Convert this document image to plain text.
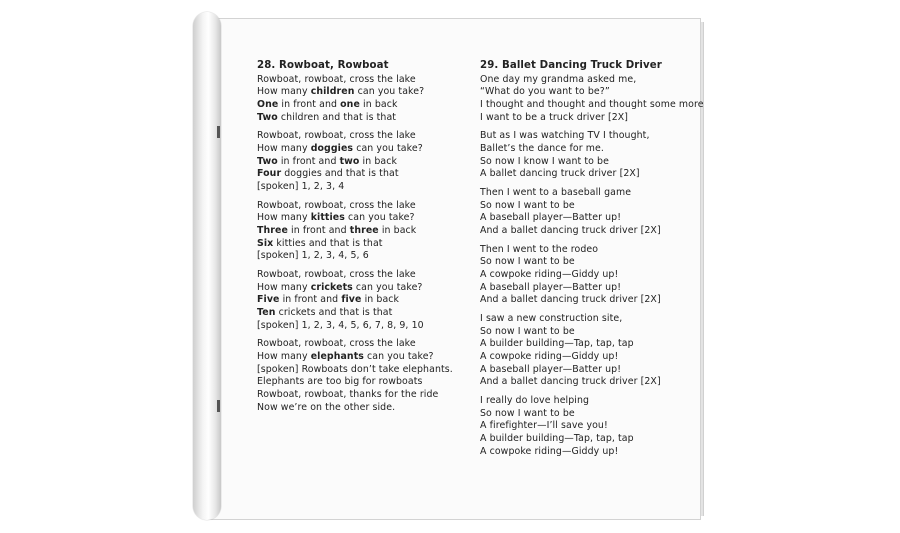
28. Rowboat, Rowboat
Rowboat, rowboat, cross the lake
How many children can you take?
One in front and one in back
Two children and that is that
Rowboat, rowboat, cross the lake
How many doggies can you take?
Two in front and two in back
Four doggies and that is that
[spoken] 1, 2, 3, 4
Rowboat, rowboat, cross the lake
How many kitties can you take?
Three in front and three in back
Six kitties and that is that
[spoken] 1, 2, 3, 4, 5, 6
Rowboat, rowboat, cross the lake
How many crickets can you take?
Five in front and five in back
Ten crickets and that is that
[spoken] 1, 2, 3, 4, 5, 6, 7, 8, 9, 10
Rowboat, rowboat, cross the lake
How many elephants can you take?
[spoken] Rowboats don’t take elephants.
Elephants are too big for rowboats
Rowboat, rowboat, thanks for the ride
Now we’re on the other side.
29. Ballet Dancing Truck Driver
One day my grandma asked me,
“What do you want to be?”
I thought and thought and thought some more
I want to be a truck driver [2X]
But as I was watching TV I thought,
Ballet’s the dance for me.
So now I know I want to be
A ballet dancing truck driver [2X]
Then I went to a baseball game
So now I want to be
A baseball player—Batter up!
And a ballet dancing truck driver [2X]
Then I went to the rodeo
So now I want to be
A cowpoke riding—Giddy up!
A baseball player—Batter up!
And a ballet dancing truck driver [2X]
I saw a new construction site,
So now I want to be
A builder building—Tap, tap, tap
A cowpoke riding—Giddy up!
A baseball player—Batter up!
And a ballet dancing truck driver [2X]
I really do love helping
So now I want to be
A firefighter—I’ll save you!
A builder building—Tap, tap, tap
A cowpoke riding—Giddy up!
